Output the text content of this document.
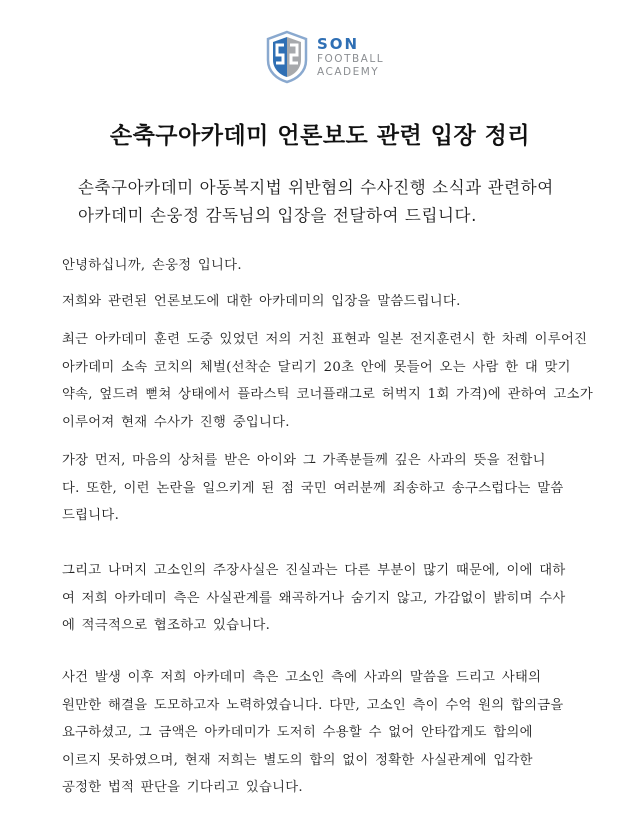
SON
FOOTBALL
ACADEMY
손축구아카데미 언론보도 관련 입장 정리
손축구아카데미 아동복지법 위반혐의 수사진행 소식과 관련하여
아카데미 손웅정 감독님의 입장을 전달하여 드립니다.
안녕하십니까, 손웅정 입니다.
저희와 관련된 언론보도에 대한 아카데미의 입장을 말씀드립니다.
최근 아카데미 훈련 도중 있었던 저의 거친 표현과 일본 전지훈련시 한 차례 이루어진
아카데미 소속 코치의 체벌(선착순 달리기 20초 안에 못들어 오는 사람 한 대 맞기
약속, 엎드려 뻗쳐 상태에서 플라스틱 코너플래그로 허벅지 1회 가격)에 관하여 고소가
이루어져 현재 수사가 진행 중입니다.
가장 먼저, 마음의 상처를 받은 아이와 그 가족분들께 깊은 사과의 뜻을 전합니
다. 또한, 이런 논란을 일으키게 된 점 국민 여러분께 죄송하고 송구스럽다는 말씀
드립니다.
그리고 나머지 고소인의 주장사실은 진실과는 다른 부분이 많기 때문에, 이에 대하
여 저희 아카데미 측은 사실관계를 왜곡하거나 숨기지 않고, 가감없이 밝히며 수사
에 적극적으로 협조하고 있습니다.
사건 발생 이후 저희 아카데미 측은 고소인 측에 사과의 말씀을 드리고 사태의
원만한 해결을 도모하고자 노력하였습니다. 다만, 고소인 측이 수억 원의 합의금을
요구하셨고, 그 금액은 아카데미가 도저히 수용할 수 없어 안타깝게도 합의에
이르지 못하였으며, 현재 저희는 별도의 합의 없이 정확한 사실관계에 입각한
공정한 법적 판단을 기다리고 있습니다.
